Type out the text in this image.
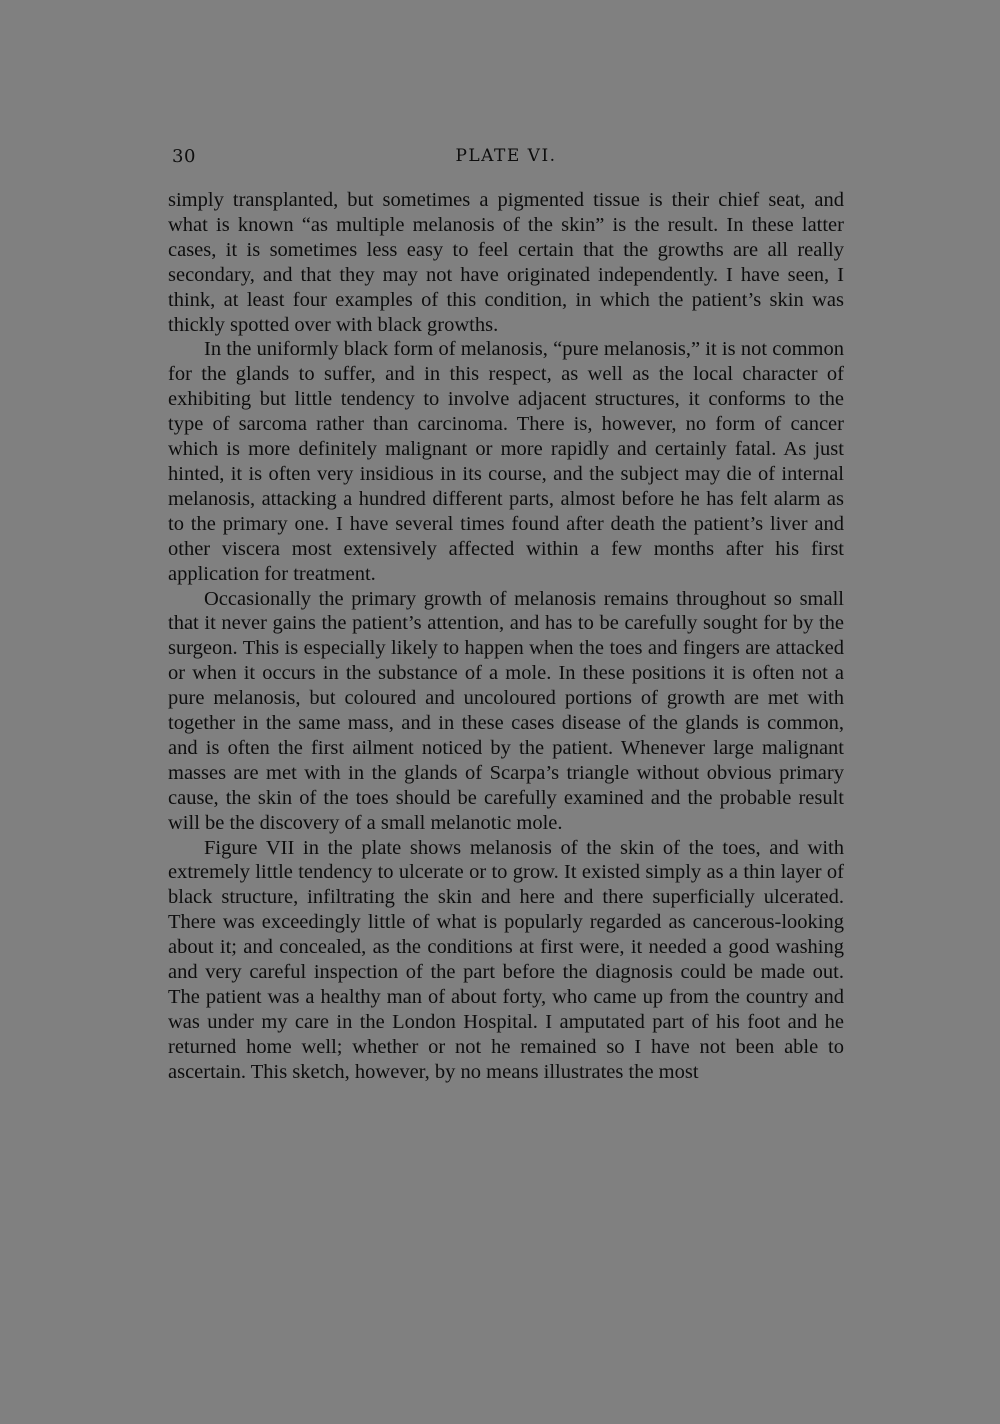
30	PLATE VI.

simply transplanted, but sometimes a pigmented tissue is their chief seat, and what is known “as multiple melanosis of the skin” is the result. In these latter cases, it is sometimes less easy to feel certain that the growths are all really secondary, and that they may not have originated independently. I have seen, I think, at least four examples of this condition, in which the patient’s skin was thickly spotted over with black growths.

In the uniformly black form of melanosis, “pure melanosis,” it is not common for the glands to suffer, and in this respect, as well as the local character of exhibiting but little tendency to involve adjacent structures, it conforms to the type of sarcoma rather than carcinoma. There is, however, no form of cancer which is more definitely malignant or more rapidly and certainly fatal. As just hinted, it is often very insidious in its course, and the subject may die of internal melanosis, attacking a hundred different parts, almost before he has felt alarm as to the primary one. I have several times found after death the patient’s liver and other viscera most extensively affected within a few months after his first application for treatment.

Occasionally the primary growth of melanosis remains throughout so small that it never gains the patient’s attention, and has to be carefully sought for by the surgeon. This is especially likely to happen when the toes and fingers are attacked or when it occurs in the substance of a mole. In these positions it is often not a pure melanosis, but coloured and uncoloured portions of growth are met with together in the same mass, and in these cases disease of the glands is common, and is often the first ailment noticed by the patient. Whenever large malignant masses are met with in the glands of Scarpa’s triangle without obvious primary cause, the skin of the toes should be carefully examined and the probable result will be the discovery of a small melanotic mole.

Figure VII in the plate shows melanosis of the skin of the toes, and with extremely little tendency to ulcerate or to grow. It existed simply as a thin layer of black structure, infiltrating the skin and here and there superficially ulcerated. There was exceedingly little of what is popularly regarded as cancerous-looking about it; and concealed, as the conditions at first were, it needed a good washing and very careful inspection of the part before the diagnosis could be made out. The patient was a healthy man of about forty, who came up from the country and was under my care in the London Hospital. I amputated part of his foot and he returned home well; whether or not he remained so I have not been able to ascertain. This sketch, however, by no means illustrates the most
